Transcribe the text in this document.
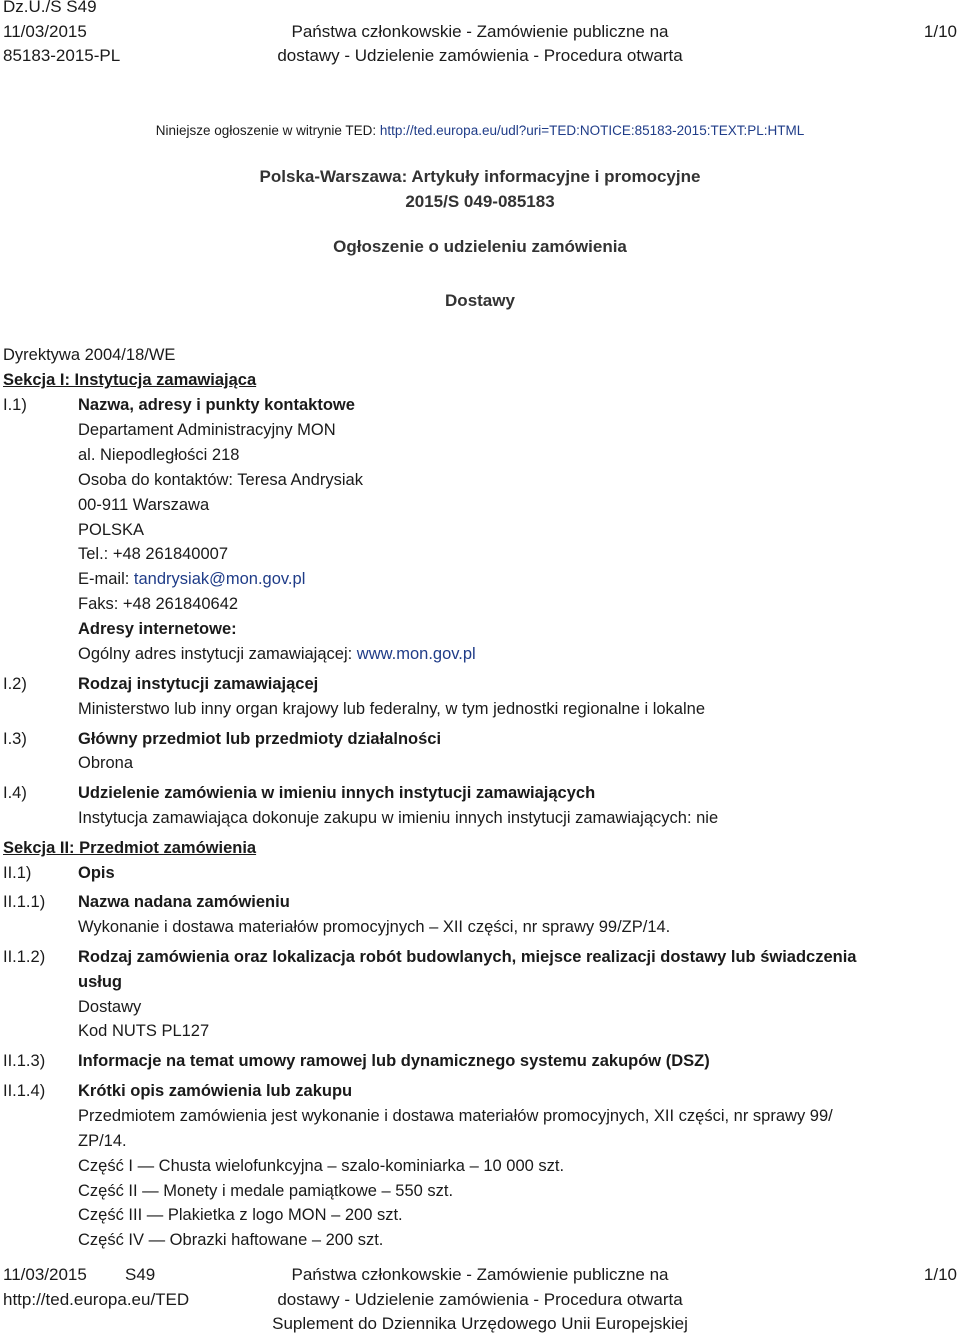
Dz.U./S S49
11/03/2015
85183-2015-PL
Państwa członkowskie - Zamówienie publiczne na
dostawy - Udzielenie zamówienia - Procedura otwarta
1/10
Niniejsze ogłoszenie w witrynie TED: http://ted.europa.eu/udl?uri=TED:NOTICE:85183-2015:TEXT:PL:HTML
Polska-Warszawa: Artykuły informacyjne i promocyjne
2015/S 049-085183
Ogłoszenie o udzieleniu zamówienia
Dostawy
Dyrektywa 2004/18/WE
Sekcja I: Instytucja zamawiająca
I.1)	Nazwa, adresy i punkty kontaktowe
Departament Administracyjny MON
al. Niepodległości 218
Osoba do kontaktów: Teresa Andrysiak
00-911 Warszawa
POLSKA
Tel.: +48 261840007
E-mail: tandrysiak@mon.gov.pl
Faks: +48 261840642
Adresy internetowe:
Ogólny adres instytucji zamawiającej: www.mon.gov.pl
I.2)	Rodzaj instytucji zamawiającej
Ministerstwo lub inny organ krajowy lub federalny, w tym jednostki regionalne i lokalne
I.3)	Główny przedmiot lub przedmioty działalności
Obrona
I.4)	Udzielenie zamówienia w imieniu innych instytucji zamawiających
Instytucja zamawiająca dokonuje zakupu w imieniu innych instytucji zamawiających: nie
Sekcja II: Przedmiot zamówienia
II.1)	Opis
II.1.1) Nazwa nadana zamówieniu
Wykonanie i dostawa materiałów promocyjnych – XII części, nr sprawy 99/ZP/14.
II.1.2) Rodzaj zamówienia oraz lokalizacja robót budowlanych, miejsce realizacji dostawy lub świadczenia
usług
Dostawy
Kod NUTS PL127
II.1.3) Informacje na temat umowy ramowej lub dynamicznego systemu zakupów (DSZ)
II.1.4) Krótki opis zamówienia lub zakupu
Przedmiotem zamówienia jest wykonanie i dostawa materiałów promocyjnych, XII części, nr sprawy 99/
ZP/14.
Część I — Chusta wielofunkcyjna – szalo-kominiarka – 10 000 szt.
Część II — Monety i medale pamiątkowe – 550 szt.
Część III — Plakietka z logo MON – 200 szt.
Część IV — Obrazki haftowane – 200 szt.
11/03/2015 S49
http://ted.europa.eu/TED
Państwa członkowskie - Zamówienie publiczne na
dostawy - Udzielenie zamówienia - Procedura otwarta
Suplement do Dziennika Urzędowego Unii Europejskiej
1/10
